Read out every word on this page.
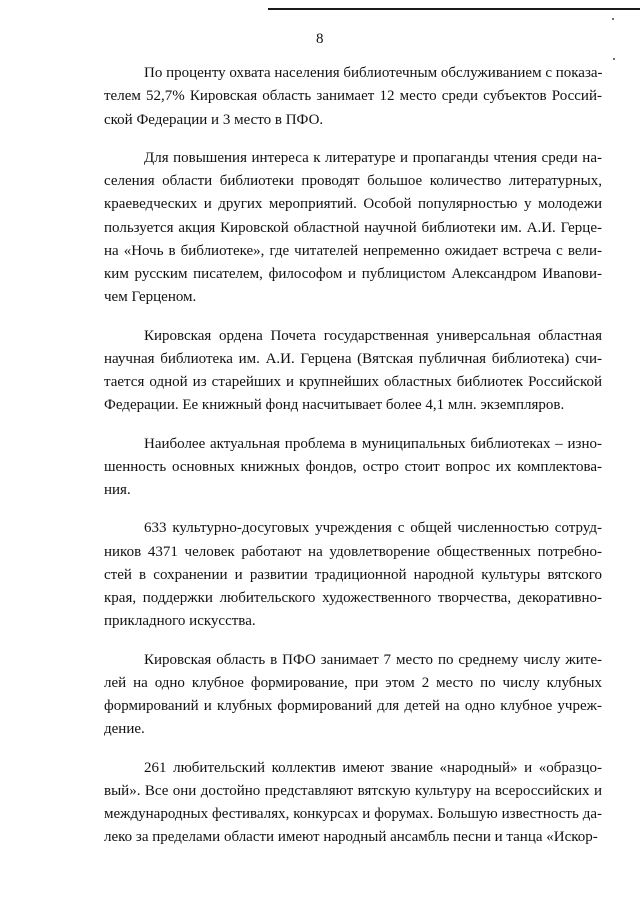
8

По проценту охвата населения библиотечным обслуживанием с показа-
телем 52,7% Кировская область занимает 12 место среди субъектов Россий-
ской Федерации и 3 место в ПФО.

Для повышения интереса к литературе и пропаганды чтения среди на-
селения области библиотеки проводят большое количество литературных,
краеведческих и других мероприятий. Особой популярностью у молодежи
пользуется акция Кировской областной научной библиотеки им. А.И. Герце-
на «Ночь в библиотеке», где читателей непременно ожидает встреча с вели-
ким русским писателем, философом и публицистом Александром Ивanови-
чем Герценом.

Кировская ордена Почета государственная универсальная областная
научная библиотека им. А.И. Герцена (Вятская публичная библиотека) счи-
тается одной из старейших и крупнейших областных библиотек Российской
Федерации. Ее книжный фонд насчитывает более 4,1 млн. экземпляров.

Наиболее актуальная проблема в муниципальных библиотеках – изно-
шенность основных книжных фондов, остро стоит вопрос их комплектова-
ния.

633 культурно-досуговых учреждения с общей численностью сотруд-
ников 4371 человек работают на удовлетворение общественных потребно-
стей в сохранении и развитии традиционной народной культуры вятского
края, поддержки любительского художественного творчества, декоративно-
прикладного искусства.

Кировская область в ПФО занимает 7 место по среднему числу жите-
лей на одно клубное формирование, при этом 2 место по числу клубных
формирований и клубных формирований для детей на одно клубное учреж-
дение.

261 любительский коллектив имеют звание «народный» и «образцо-
вый». Все они достойно представляют вятскую культуру на всероссийских и
международных фестивалях, конкурсах и форумах. Большую известность да-
леко за пределами области имеют народный ансамбль песни и танца «Искор-
